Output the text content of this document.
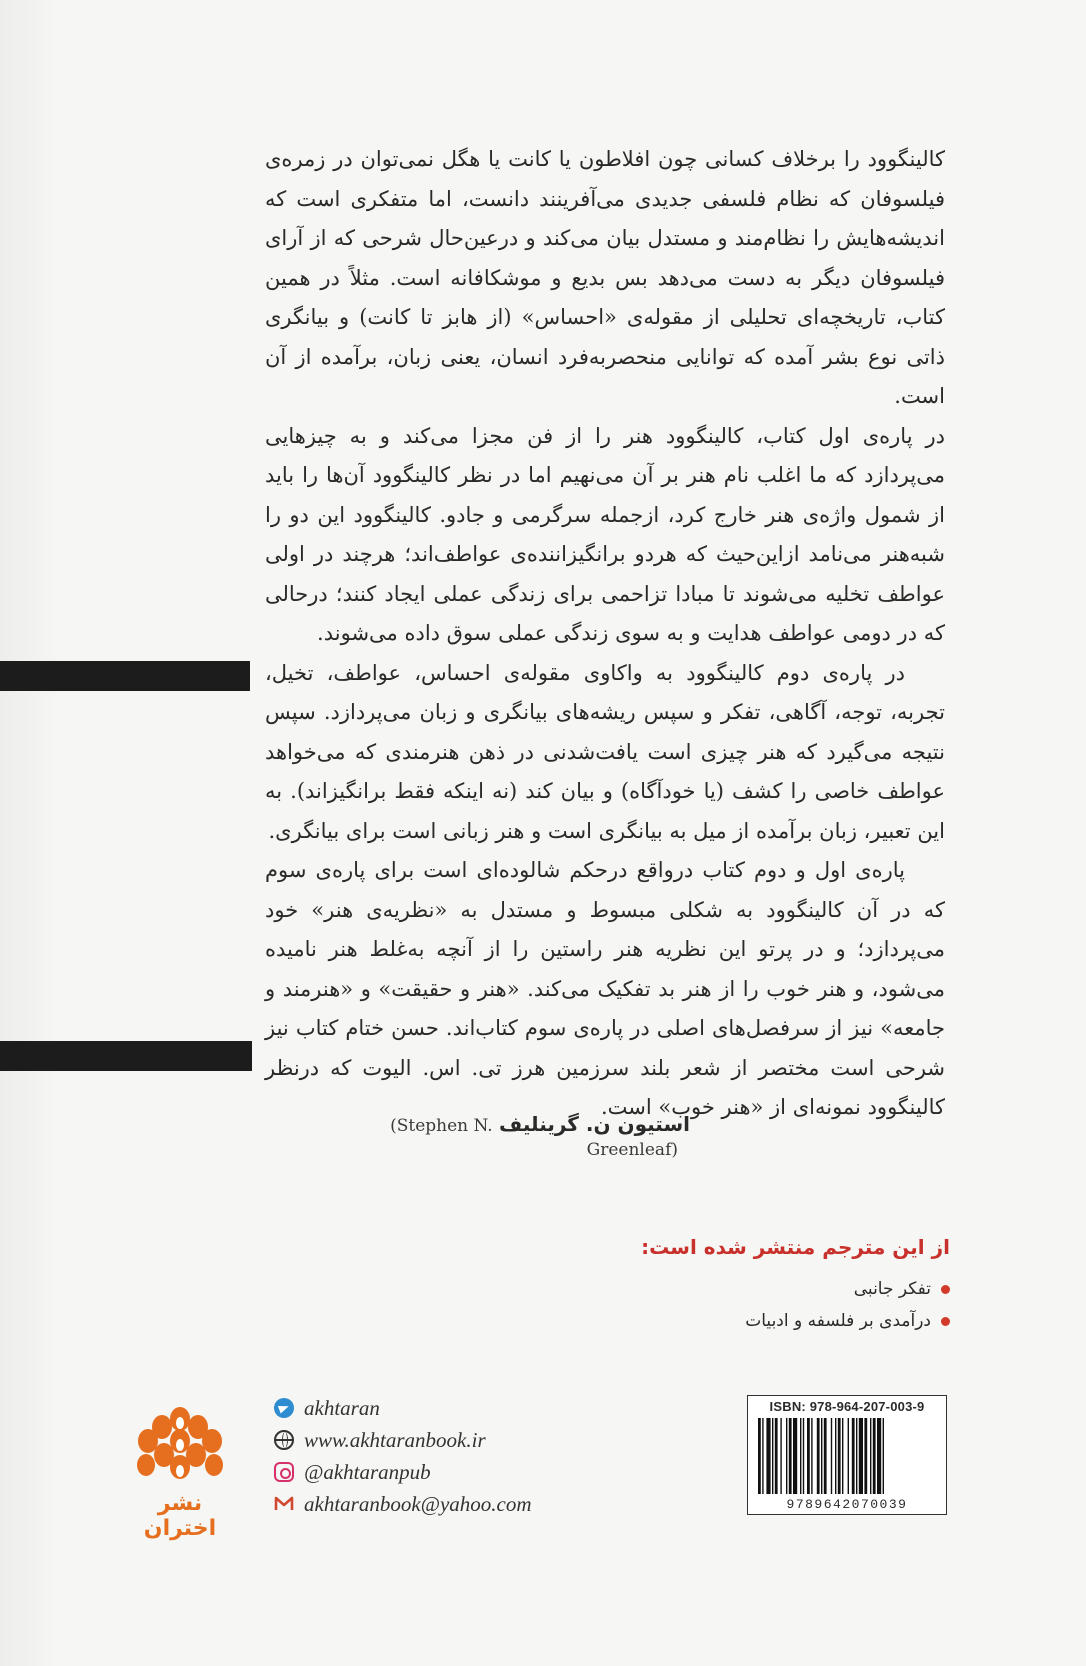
کالینگوود را برخلاف کسانی چون افلاطون یا کانت یا هگل نمی‌توان در زمره‌ی فیلسوفان که نظام فلسفی جدیدی می‌آفرینند دانست، اما متفکری است که اندیشه‌هایش را نظام‌مند و مستدل بیان می‌کند و درعین‌حال شرحی که از آرای فیلسوفان دیگر به دست می‌دهد بس بدیع و موشکافانه است. مثلاً در همین کتاب، تاریخچه‌ای تحلیلی از مقوله‌ی «احساس» (از هابز تا کانت) و بیانگری ذاتی نوع بشر آمده که توانایی منحصربه‌فرد انسان، یعنی زبان، برآمده از آن است.

در پاره‌ی اول کتاب، کالینگوود هنر را از فن مجزا می‌کند و به چیزهایی می‌پردازد که ما اغلب نام هنر بر آن می‌نهیم اما در نظر کالینگوود آن‌ها را باید از شمول واژه‌ی هنر خارج کرد، ازجمله سرگرمی و جادو. کالینگوود این دو را شبه‌هنر می‌نامد ازاین‌حیث که هردو برانگیزاننده‌ی عواطف‌اند؛ هرچند در اولی عواطف تخلیه می‌شوند تا مبادا تزاحمی برای زندگی عملی ایجاد کنند؛ درحالی که در دومی عواطف هدایت و به سوی زندگی عملی سوق داده می‌شوند.

در پاره‌ی دوم کالینگوود به واکاوی مقوله‌ی احساس، عواطف، تخیل، تجربه، توجه، آگاهی، تفکر و سپس ریشه‌های بیانگری و زبان می‌پردازد. سپس نتیجه می‌گیرد که هنر چیزی است یافت‌شدنی در ذهن هنرمندی که می‌خواهد عواطف خاصی را کشف (یا خودآگاه) و بیان کند (نه اینکه فقط برانگیزاند). به این تعبیر، زبان برآمده از میل به بیانگری است و هنر زبانی است برای بیانگری.

پاره‌ی اول و دوم کتاب درواقع درحکم شالوده‌ای است برای پاره‌ی سوم که در آن کالینگوود به شکلی مبسوط و مستدل به «نظریه‌ی هنر» خود می‌پردازد؛ و در پرتو این نظریه هنر راستین را از آنچه به‌غلط هنر نامیده می‌شود، و هنر خوب را از هنر بد تفکیک می‌کند. «هنر و حقیقت» و «هنرمند و جامعه» نیز از سرفصل‌های اصلی در پاره‌ی سوم کتاب‌اند. حسن ختام کتاب نیز شرحی است مختصر از شعر بلند سرزمین هرز تی. اس. الیوت که درنظر کالینگوود نمونه‌ای از «هنر خوب» است.

استیون ن. گرینلیف (Stephen N. Greenleaf)
از این مترجم منتشر شده است:
تفکر جانبی
درآمدی بر فلسفه و ادبیات
akhtaran
www.akhtaranbook.ir
@akhtaranpub
akhtaranbook@yahoo.com
نشر اختران
ISBN: 978-964-207-003-9
9789642070039
